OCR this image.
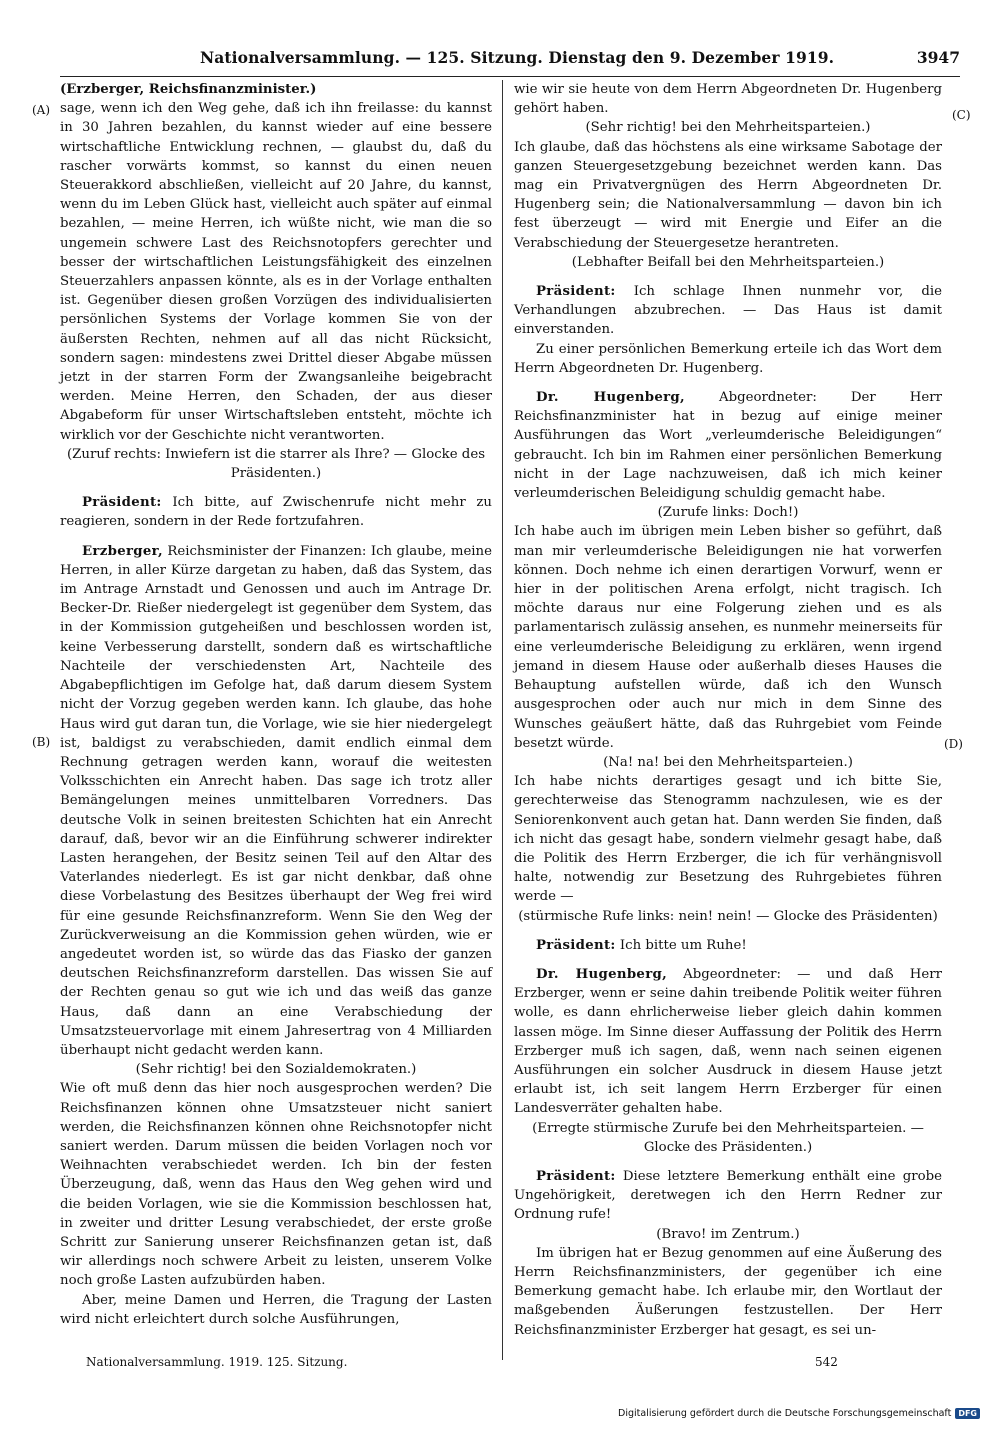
Nationalversammlung. — 125. Sitzung. Dienstag den 9. Dezember 1919.	3947
(A)
(B)
(C)
(D)

(Erzberger, Reichsfinanzminister.)

sage, wenn ich den Weg gehe, daß ich ihn freilasse: du kannst in 30 Jahren bezahlen, du kannst wieder auf eine bessere wirtschaftliche Entwicklung rechnen, — glaubst du, daß du rascher vorwärts kommst, so kannst du einen neuen Steuerakkord abschließen, vielleicht auf 20 Jahre, du kannst, wenn du im Leben Glück hast, vielleicht auch später auf einmal bezahlen, — meine Herren, ich wüßte nicht, wie man die so ungemein schwere Last des Reichsnotopfers gerechter und besser der wirtschaftlichen Leistungsfähigkeit des einzelnen Steuerzahlers anpassen könnte, als es in der Vorlage enthalten ist. Gegenüber diesen großen Vorzügen des individualisierten persönlichen Systems der Vorlage kommen Sie von der äußersten Rechten, nehmen auf all das nicht Rücksicht, sondern sagen: mindestens zwei Drittel dieser Abgabe müssen jetzt in der starren Form der Zwangsanleihe beigebracht werden. Meine Herren, den Schaden, der aus dieser Abgabeform für unser Wirtschaftsleben entsteht, möchte ich wirklich vor der Geschichte nicht verantworten.

(Zuruf rechts: Inwiefern ist die starrer als Ihre? — Glocke des Präsidenten.)

Präsident: Ich bitte, auf Zwischenrufe nicht mehr zu reagieren, sondern in der Rede fortzufahren.

Erzberger, Reichsminister der Finanzen: Ich glaube, meine Herren, in aller Kürze dargetan zu haben, daß das System, das im Antrage Arnstadt und Genossen und auch im Antrage Dr. Becker-Dr. Rießer niedergelegt ist gegenüber dem System, das in der Kommission gutgeheißen und beschlossen worden ist, keine Verbesserung darstellt, sondern daß es wirtschaftliche Nachteile der verschiedensten Art, Nachteile des Abgabepflichtigen im Gefolge hat, daß darum diesem System nicht der Vorzug gegeben werden kann. Ich glaube, das hohe Haus wird gut daran tun, die Vorlage, wie sie hier niedergelegt ist, baldigst zu verabschieden, damit endlich einmal dem Rechnung getragen werden kann, worauf die weitesten Volksschichten ein Anrecht haben. Das sage ich trotz aller Bemängelungen meines unmittelbaren Vorredners. Das deutsche Volk in seinen breitesten Schichten hat ein Anrecht darauf, daß, bevor wir an die Einführung schwerer indirekter Lasten herangehen, der Besitz seinen Teil auf den Altar des Vaterlandes niederlegt. Es ist gar nicht denkbar, daß ohne diese Vorbelastung des Besitzes überhaupt der Weg frei wird für eine gesunde Reichsfinanzreform. Wenn Sie den Weg der Zurückverweisung an die Kommission gehen würden, wie er angedeutet worden ist, so würde das das Fiasko der ganzen deutschen Reichsfinanzreform darstellen. Das wissen Sie auf der Rechten genau so gut wie ich und das weiß das ganze Haus, daß dann an eine Verabschiedung der Umsatzsteuervorlage mit einem Jahresertrag von 4 Milliarden überhaupt nicht gedacht werden kann.

(Sehr richtig! bei den Sozialdemokraten.)

Wie oft muß denn das hier noch ausgesprochen werden? Die Reichsfinanzen können ohne Umsatzsteuer nicht saniert werden, die Reichsfinanzen können ohne Reichsnotopfer nicht saniert werden. Darum müssen die beiden Vorlagen noch vor Weihnachten verabschiedet werden. Ich bin der festen Überzeugung, daß, wenn das Haus den Weg gehen wird und die beiden Vorlagen, wie sie die Kommission beschlossen hat, in zweiter und dritter Lesung verabschiedet, der erste große Schritt zur Sanierung unserer Reichsfinanzen getan ist, daß wir allerdings noch schwere Arbeit zu leisten, unserem Volke noch große Lasten aufzubürden haben.

Aber, meine Damen und Herren, die Tragung der Lasten wird nicht erleichtert durch solche Ausführungen,

wie wir sie heute von dem Herrn Abgeordneten Dr. Hugenberg gehört haben.

(Sehr richtig! bei den Mehrheitsparteien.)

Ich glaube, daß das höchstens als eine wirksame Sabotage der ganzen Steuergesetzgebung bezeichnet werden kann. Das mag ein Privatvergnügen des Herrn Abgeordneten Dr. Hugenberg sein; die Nationalversammlung — davon bin ich fest überzeugt — wird mit Energie und Eifer an die Verabschiedung der Steuergesetze herantreten.

(Lebhafter Beifall bei den Mehrheitsparteien.)

Präsident: Ich schlage Ihnen nunmehr vor, die Verhandlungen abzubrechen. — Das Haus ist damit einverstanden.

Zu einer persönlichen Bemerkung erteile ich das Wort dem Herrn Abgeordneten Dr. Hugenberg.

Dr. Hugenberg,	Abgeordneter: Der Herr Reichsfinanzminister hat in bezug auf einige meiner Ausführungen das Wort „verleumderische Beleidigungen“ gebraucht. Ich bin im Rahmen einer persönlichen Bemerkung nicht in der Lage nachzuweisen, daß ich mich keiner verleumderischen Beleidigung schuldig gemacht habe.

(Zurufe links: Doch!)

Ich habe auch im übrigen mein Leben bisher so geführt, daß man mir verleumderische Beleidigungen nie hat vorwerfen können. Doch nehme ich einen derartigen Vorwurf, wenn er hier in der politischen Arena erfolgt, nicht tragisch. Ich möchte daraus nur eine Folgerung ziehen und es als parlamentarisch zulässig ansehen, es nunmehr meinerseits für eine verleumderische Beleidigung zu erklären, wenn irgend jemand in diesem Hause oder außerhalb dieses Hauses die Behauptung aufstellen würde, daß ich den Wunsch ausgesprochen oder auch nur mich in dem Sinne des Wunsches geäußert hätte, daß das Ruhrgebiet vom Feinde besetzt würde.

(Na! na! bei den Mehrheitsparteien.)

Ich habe nichts derartiges gesagt und ich bitte Sie, gerechterweise das Stenogramm nachzulesen, wie es der Seniorenkonvent auch getan hat. Dann werden Sie finden, daß ich nicht das gesagt habe, sondern vielmehr gesagt habe, daß die Politik des Herrn Erzberger, die ich für verhängnisvoll halte, notwendig zur Besetzung des Ruhrgebietes führen werde —

(stürmische Rufe links: nein! nein! — Glocke des Präsidenten)

Präsident: Ich bitte um Ruhe!

Dr. Hugenberg, Abgeordneter: — und daß Herr Erzberger, wenn er seine dahin treibende Politik weiter führen wolle, es dann ehrlicherweise lieber gleich dahin kommen lassen möge. Im Sinne dieser Auffassung der Politik des Herrn Erzberger muß ich sagen, daß, wenn nach seinen eigenen Ausführungen ein solcher Ausdruck in diesem Hause jetzt erlaubt ist, ich seit langem Herrn Erzberger für einen Landesverräter gehalten habe.

(Erregte stürmische Zurufe bei den Mehrheitsparteien. — Glocke des Präsidenten.)

Präsident: Diese letztere Bemerkung enthält eine grobe Ungehörigkeit, deretwegen ich den Herrn Redner zur Ordnung rufe!

(Bravo! im Zentrum.)

Im übrigen hat er Bezug genommen auf eine Äußerung des Herrn Reichsfinanzministers, der gegenüber ich eine Bemerkung gemacht habe. Ich erlaube mir, den Wortlaut der maßgebenden Äußerungen festzustellen. Der Herr Reichsfinanzminister Erzberger hat gesagt, es sei un-

Nationalversammlung. 1919. 125. Sitzung.	542
Digitalisierung gefördert durch die Deutsche Forschungsgemeinschaft DFG
